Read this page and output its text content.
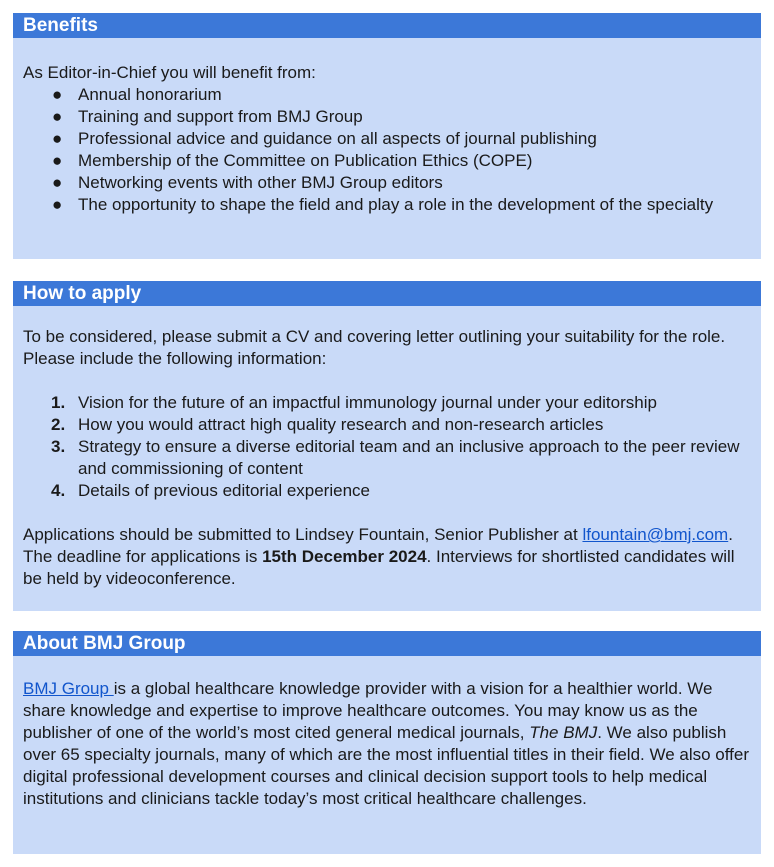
Benefits
As Editor-in-Chief you will benefit from:
● Annual honorarium
● Training and support from BMJ Group
● Professional advice and guidance on all aspects of journal publishing
● Membership of the Committee on Publication Ethics (COPE)
● Networking events with other BMJ Group editors
● The opportunity to shape the field and play a role in the development of the specialty
How to apply
To be considered, please submit a CV and covering letter outlining your suitability for the role. Please include the following information:
1. Vision for the future of an impactful immunology journal under your editorship
2. How you would attract high quality research and non-research articles
3. Strategy to ensure a diverse editorial team and an inclusive approach to the peer review and commissioning of content
4. Details of previous editorial experience
Applications should be submitted to Lindsey Fountain, Senior Publisher at lfountain@bmj.com. The deadline for applications is 15th December 2024. Interviews for shortlisted candidates will be held by videoconference.
About BMJ Group
BMJ Group is a global healthcare knowledge provider with a vision for a healthier world. We share knowledge and expertise to improve healthcare outcomes. You may know us as the publisher of one of the world’s most cited general medical journals, The BMJ. We also publish over 65 specialty journals, many of which are the most influential titles in their field. We also offer digital professional development courses and clinical decision support tools to help medical institutions and clinicians tackle today’s most critical healthcare challenges.
